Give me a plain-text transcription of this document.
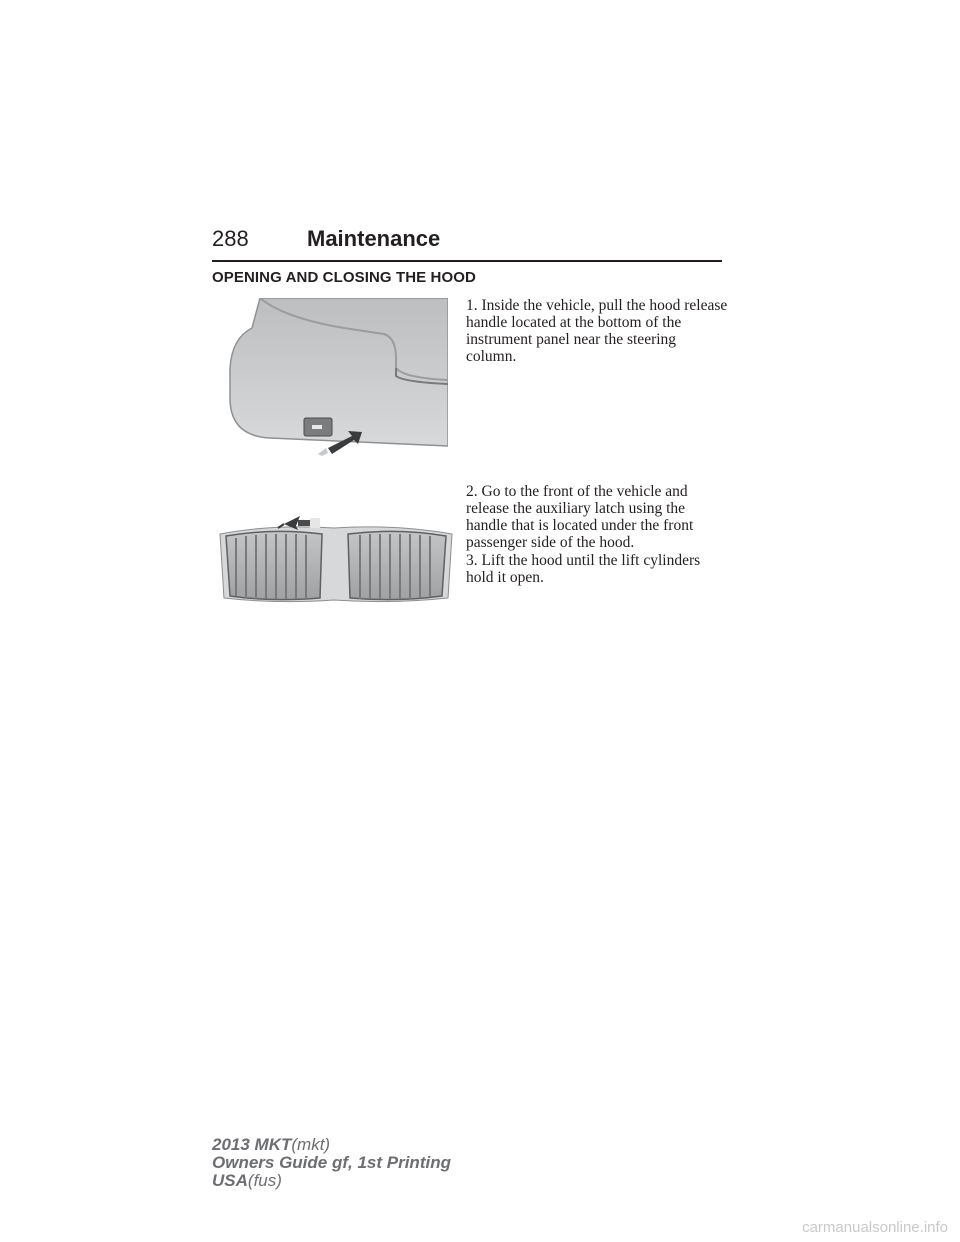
288	Maintenance
OPENING AND CLOSING THE HOOD

1. Inside the vehicle, pull the hood release handle located at the bottom of the instrument panel near the steering column.

2. Go to the front of the vehicle and release the auxiliary latch using the handle that is located under the front passenger side of the hood.

3. Lift the hood until the lift cylinders hold it open.

2013 MKT(mkt)
Owners Guide gf, 1st Printing
USA(fus)
carmanualsonline.info
